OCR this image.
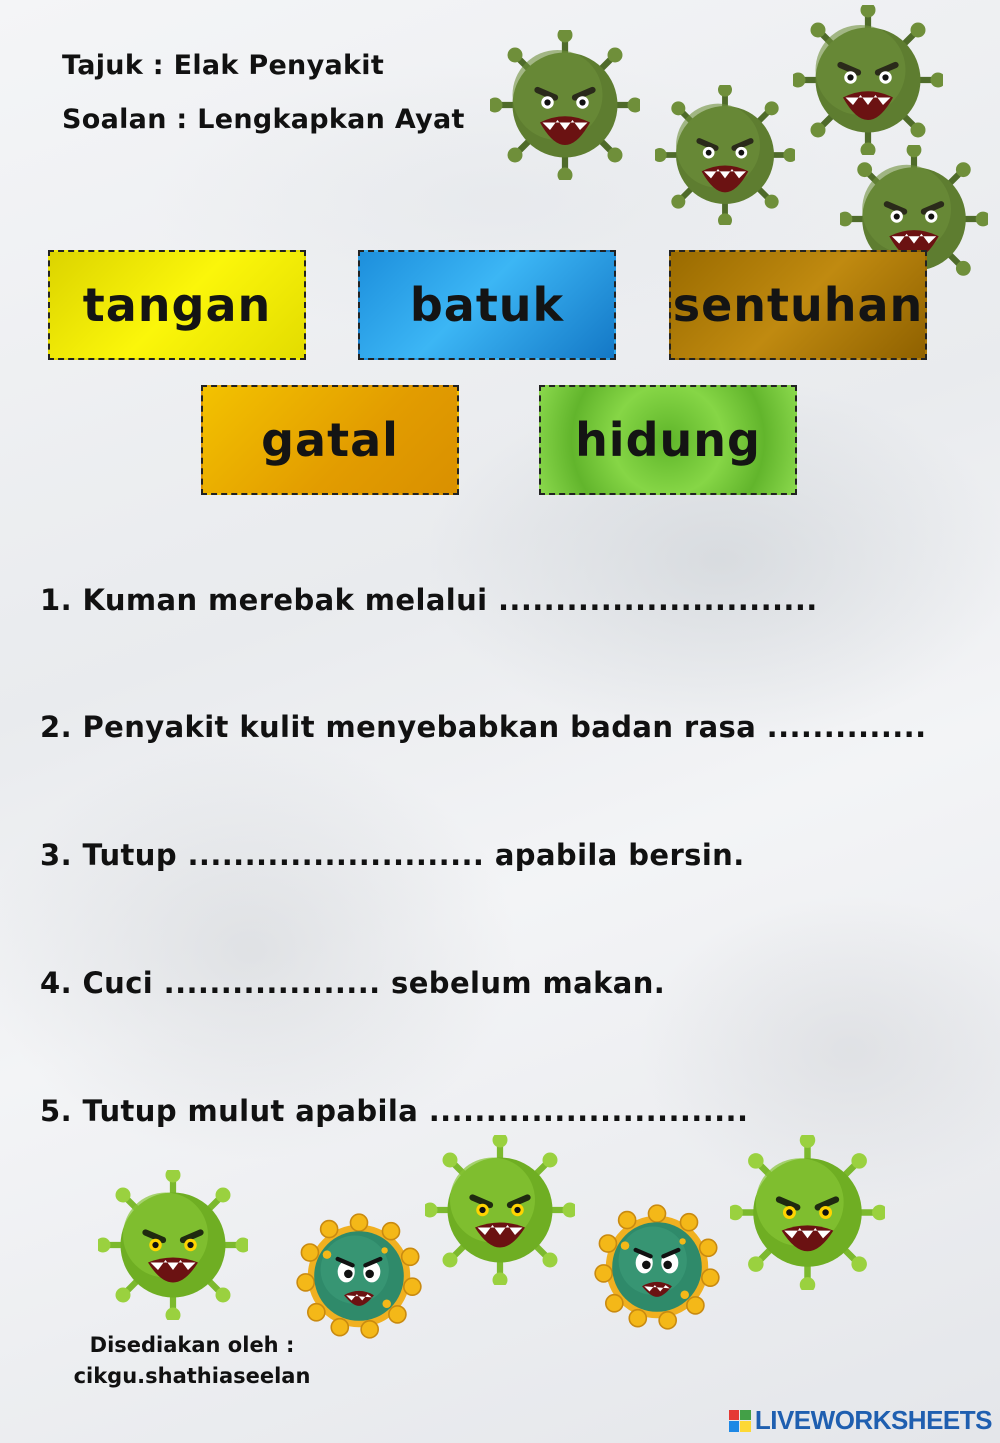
Tajuk : Elak Penyakit
Soalan : Lengkapkan Ayat
tangan	batuk	sentuhan
gatal	hidung
1. Kuman merebak melalui ............................
2. Penyakit kulit menyebabkan badan rasa ..............
3. Tutup .......................... apabila bersin.
4. Cuci ................... sebelum makan.
5. Tutup mulut apabila ............................
Disediakan oleh :
cikgu.shathiaseelan
LIVEWORKSHEETS
